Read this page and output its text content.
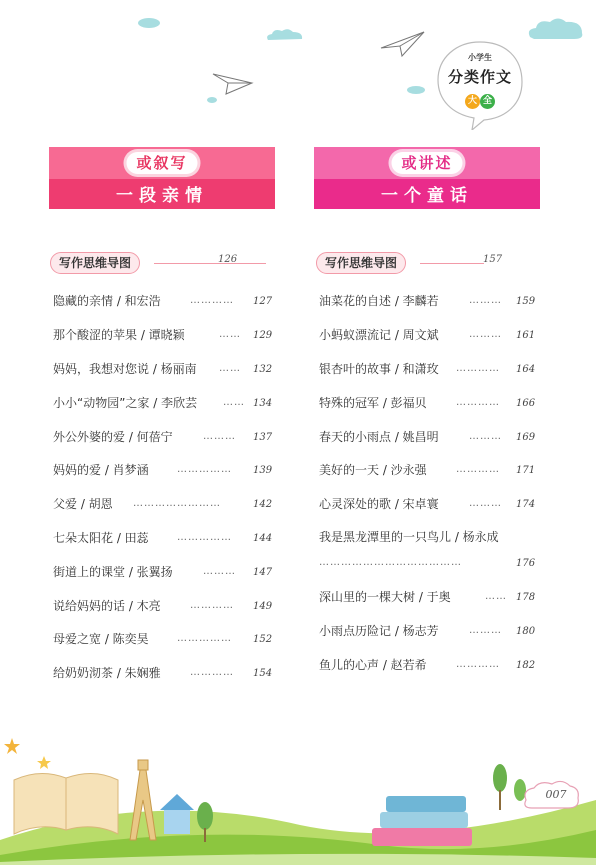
小学生
分类作文
大 全
或叙写
一段亲情
或讲述
一个童话
写作思维导图	126	写作思维导图	157
隐藏的亲情 / 和宏浩	………… 127
那个酸涩的苹果 / 谭晓颖	…… 129
妈妈，我想对您说 / 杨丽南 …… 132
小小“动物园”之家 / 李欣芸	…… 134
外公外婆的爱 / 何蓓宁	……… 137
妈妈的爱 / 肖梦涵	…………… 139
父爱 / 胡恩 ……………………	142
七朵太阳花 / 田蕊	…………… 144
街道上的课堂 / 张翼扬	……… 147
说给妈妈的话 / 木亮	………… 149
母爱之宽 / 陈奕昊	…………… 152
给奶奶沏茶 / 朱娴雅	………… 154
油菜花的自述 / 李麟若	……… 159
小蚂蚁漂流记 / 周文斌	……… 161
银杏叶的故事 / 和潇玫 ………… 164
特殊的冠军 / 彭福贝	………… 166
春天的小雨点 / 姚昌明	……… 169
美好的一天 / 沙永强	………… 171
心灵深处的歌 / 宋卓寰	……… 174
我是黑龙潭里的一只鸟儿 / 杨永成
…………………………………	176
深山里的一棵大树 / 于奥	…… 178
小雨点历险记 / 杨志芳	……… 180
鱼儿的心声 / 赵若希	………… 182
007
